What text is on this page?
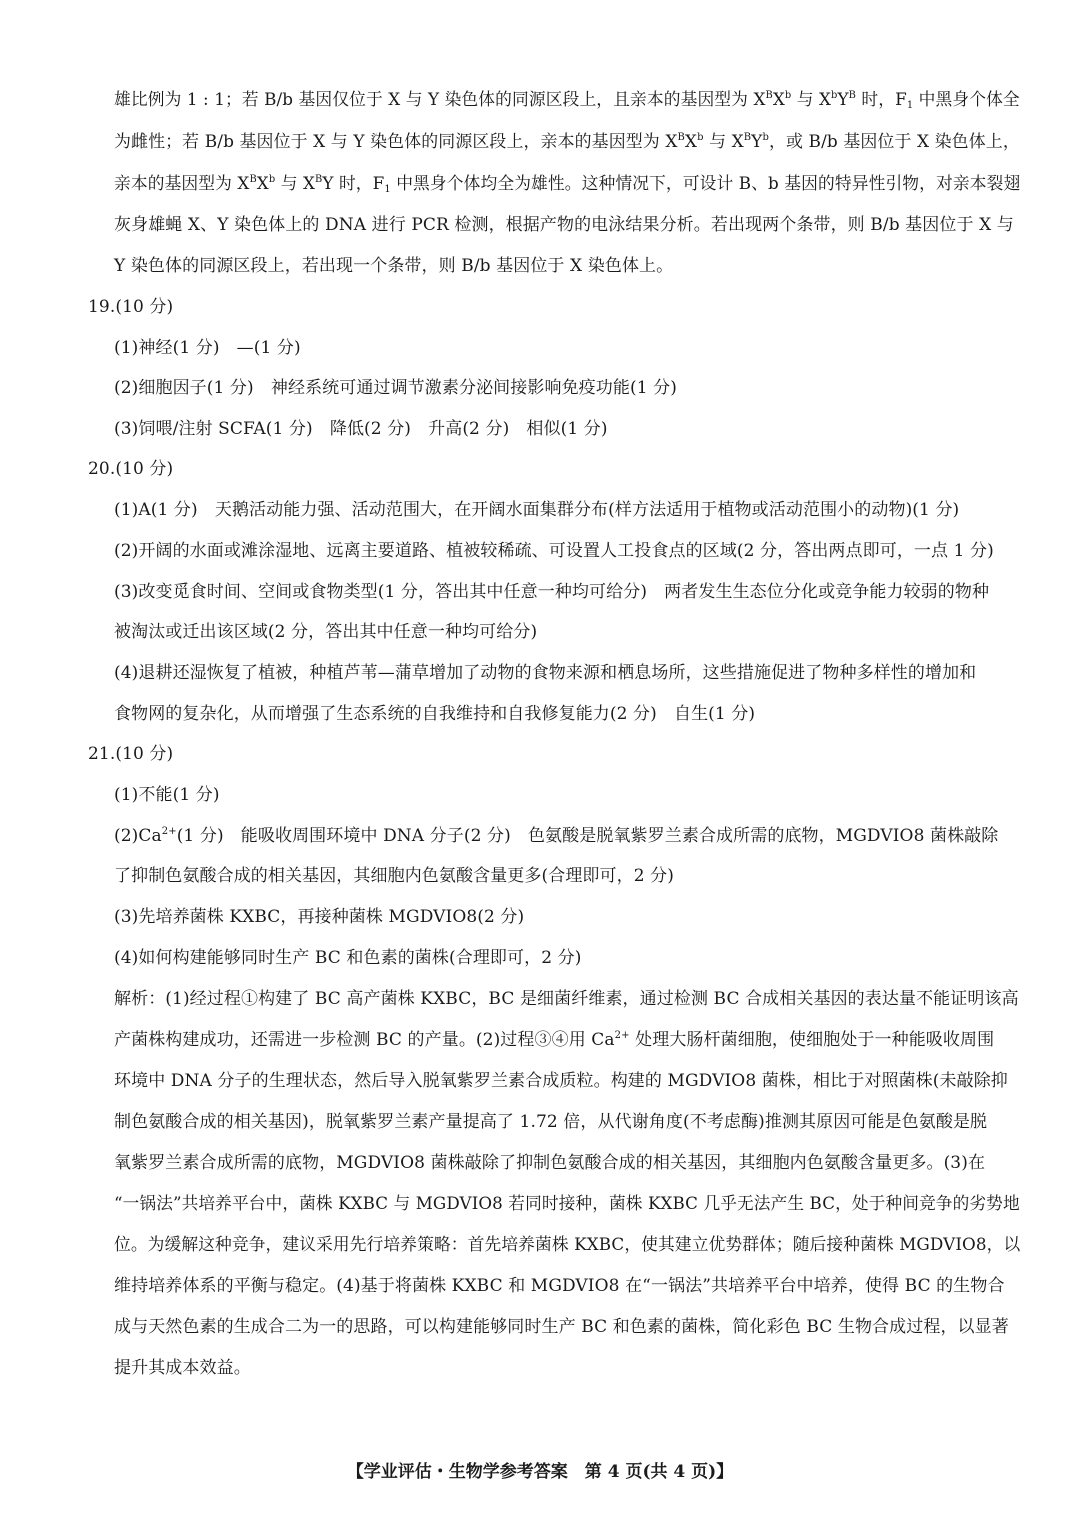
雄比例为 1 : 1；若 B/b 基因仅位于 X 与 Y 染色体的同源区段上，且亲本的基因型为 $X^BX^b$ 与 $X^bY^B$ 时，$F_1$ 中黑身个体全
为雌性；若 B/b 基因位于 X 与 Y 染色体的同源区段上，亲本的基因型为 $X^BX^b$ 与 $X^BY^b$，或 B/b 基因位于 X 染色体上，
亲本的基因型为 $X^BX^b$ 与 $X^BY$ 时，$F_1$ 中黑身个体均全为雄性。这种情况下，可设计 B、b 基因的特异性引物，对亲本裂翅
灰身雄蝇 X、Y 染色体上的 DNA 进行 PCR 检测，根据产物的电泳结果分析。若出现两个条带，则 B/b 基因位于 X 与
Y 染色体的同源区段上，若出现一个条带，则 B/b 基因位于 X 染色体上。
19.(10 分)
(1)神经(1 分)　—(1 分)
(2)细胞因子(1 分)　神经系统可通过调节激素分泌间接影响免疫功能(1 分)
(3)饲喂/注射 SCFA(1 分)　降低(2 分)　升高(2 分)　相似(1 分)
20.(10 分)
(1)A(1 分)　天鹅活动能力强、活动范围大，在开阔水面集群分布(样方法适用于植物或活动范围小的动物)(1 分)
(2)开阔的水面或滩涂湿地、远离主要道路、植被较稀疏、可设置人工投食点的区域(2 分，答出两点即可，一点 1 分)
(3)改变觅食时间、空间或食物类型(1 分，答出其中任意一种均可给分)　两者发生生态位分化或竞争能力较弱的物种
被淘汰或迁出该区域(2 分，答出其中任意一种均可给分)
(4)退耕还湿恢复了植被，种植芦苇—蒲草增加了动物的食物来源和栖息场所，这些措施促进了物种多样性的增加和
食物网的复杂化，从而增强了生态系统的自我维持和自我修复能力(2 分)　自生(1 分)
21.(10 分)
(1)不能(1 分)
$(2)Ca^{2+}(1$ 分)　能吸收周围环境中 DNA 分子(2 分)　色氨酸是脱氧紫罗兰素合成所需的底物，MGDVIO8 菌株敲除
了抑制色氨酸合成的相关基因，其细胞内色氨酸含量更多(合理即可，2 分)
(3)先培养菌株 KXBC，再接种菌株 MGDVIO8(2 分)
(4)如何构建能够同时生产 BC 和色素的菌株(合理即可，2 分)
解析：(1)经过程①构建了 BC 高产菌株 KXBC，BC 是细菌纤维素，通过检测 BC 合成相关基因的表达量不能证明该高
产菌株构建成功，还需进一步检测 BC 的产量。(2)过程③④用 $Ca^{2+}$ 处理大肠杆菌细胞，使细胞处于一种能吸收周围
环境中 DNA 分子的生理状态，然后导入脱氧紫罗兰素合成质粒。构建的 MGDVIO8 菌株，相比于对照菌株(未敲除抑
制色氨酸合成的相关基因)，脱氧紫罗兰素产量提高了 1.72 倍，从代谢角度(不考虑酶)推测其原因可能是色氨酸是脱
氧紫罗兰素合成所需的底物，MGDVIO8 菌株敲除了抑制色氨酸合成的相关基因，其细胞内色氨酸含量更多。(3)在
“一锅法”共培养平台中，菌株 KXBC 与 MGDVIO8 若同时接种，菌株 KXBC 几乎无法产生 BC，处于种间竞争的劣势地
位。为缓解这种竞争，建议采用先行培养策略：首先培养菌株 KXBC，使其建立优势群体；随后接种菌株 MGDVIO8，以
维持培养体系的平衡与稳定。(4)基于将菌株 KXBC 和 MGDVIO8 在“一锅法”共培养平台中培养，使得 BC 的生物合
成与天然色素的生成合二为一的思路，可以构建能够同时生产 BC 和色素的菌株，简化彩色 BC 生物合成过程，以显著
提升其成本效益。
【学业评估・生物学参考答案　第 4 页(共 4 页)】
